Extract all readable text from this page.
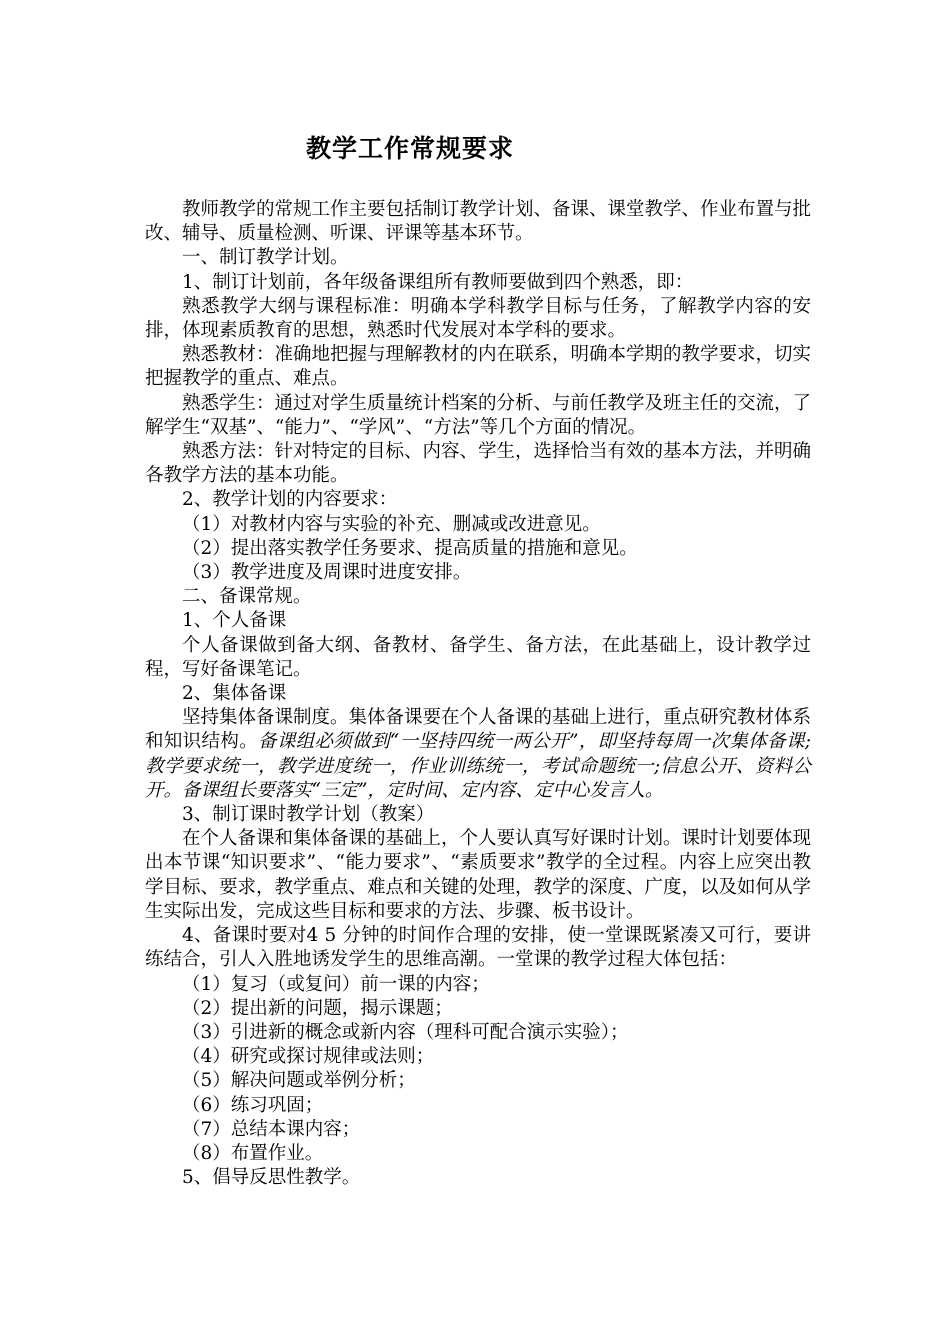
教学工作常规要求

教师教学的常规工作主要包括制订教学计划、备课、课堂教学、作业布置与批改、辅导、质量检测、听课、评课等基本环节。

一、制订教学计划。

1、制订计划前，各年级备课组所有教师要做到四个熟悉，即：

熟悉教学大纲与课程标准：明确本学科教学目标与任务，了解教学内容的安排，体现素质教育的思想，熟悉时代发展对本学科的要求。

熟悉教材：准确地把握与理解教材的内在联系，明确本学期的教学要求，切实把握教学的重点、难点。

熟悉学生：通过对学生质量统计档案的分析、与前任教学及班主任的交流，了解学生“双基”、“能力”、“学风”、“方法”等几个方面的情况。

熟悉方法：针对特定的目标、内容、学生，选择恰当有效的基本方法，并明确各教学方法的基本功能。

2、教学计划的内容要求：

（1）对教材内容与实验的补充、删减或改进意见。

（2）提出落实教学任务要求、提高质量的措施和意见。

（3）教学进度及周课时进度安排。

二、备课常规。

1、个人备课

个人备课做到备大纲、备教材、备学生、备方法，在此基础上，设计教学过程，写好备课笔记。

2、集体备课

坚持集体备课制度。集体备课要在个人备课的基础上进行，重点研究教材体系和知识结构。备课组必须做到“一坚持四统一两公开”，即坚持每周一次集体备课;教学要求统一，教学进度统一，作业训练统一，考试命题统一;信息公开、资料公开。备课组长要落实“三定”，定时间、定内容、定中心发言人。

3、制订课时教学计划（教案）

在个人备课和集体备课的基础上，个人要认真写好课时计划。课时计划要体现出本节课“知识要求”、“能力要求”、“素质要求”教学的全过程。内容上应突出教学目标、要求，教学重点、难点和关键的处理，教学的深度、广度，以及如何从学生实际出发，完成这些目标和要求的方法、步骤、板书设计。

4、备课时要对4 5 分钟的时间作合理的安排，使一堂课既紧凑又可行，要讲练结合，引人入胜地诱发学生的思维高潮。一堂课的教学过程大体包括：

（1）复习（或复问）前一课的内容；

（2）提出新的问题，揭示课题；

（3）引进新的概念或新内容（理科可配合演示实验）；

（4）研究或探讨规律或法则；

（5）解决问题或举例分析；

（6）练习巩固；

（7）总结本课内容；

（8）布置作业。

5、倡导反思性教学。
